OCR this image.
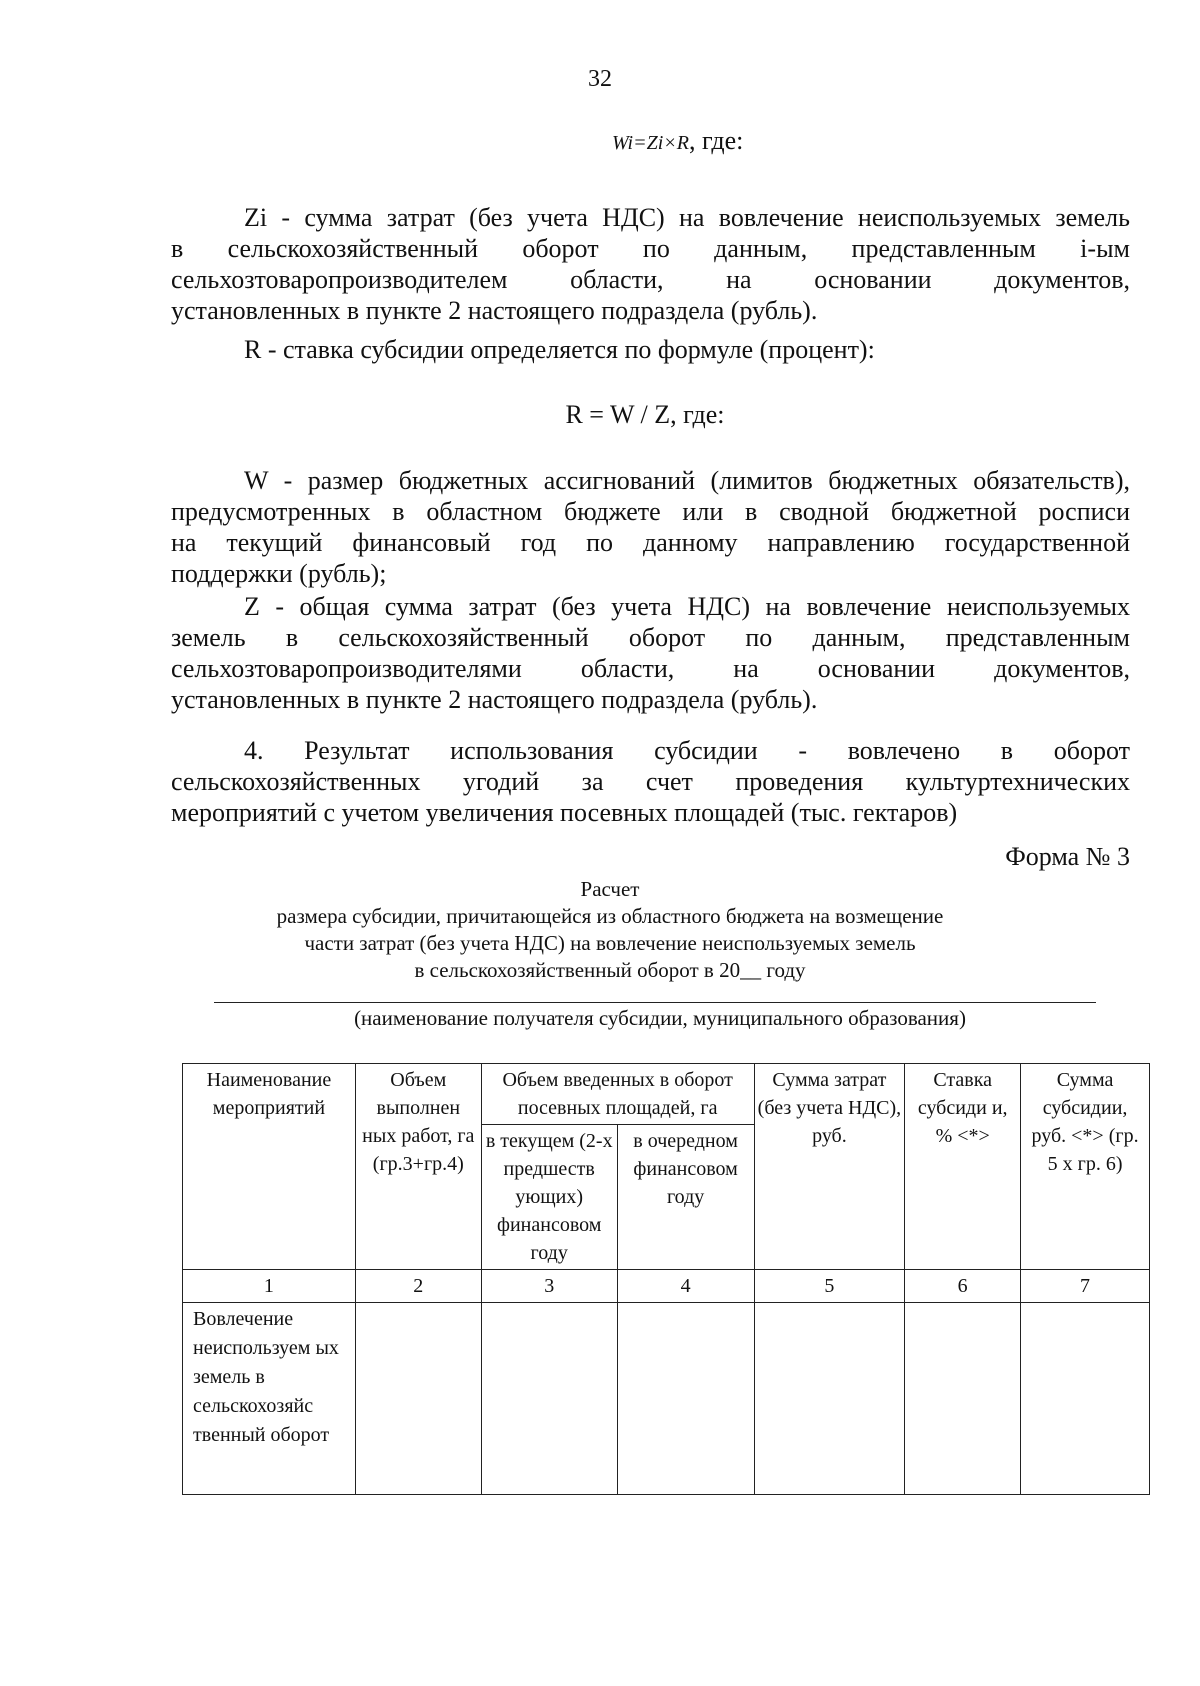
32
Wi=Zi×R, где:
Zi - сумма затрат (без учета НДС) на вовлечение неиспользуемых земель
в сельскохозяйственный оборот по данным, представленным i-ым
сельхозтоваропроизводителем области, на основании документов,
установленных в пункте 2 настоящего подраздела (рубль).
R - ставка субсидии определяется по формуле (процент):
R = W / Z, где:
W - размер бюджетных ассигнований (лимитов бюджетных обязательств),
предусмотренных в областном бюджете или в сводной бюджетной росписи
на текущий финансовый год по данному направлению государственной
поддержки (рубль);
Z - общая сумма затрат (без учета НДС) на вовлечение неиспользуемых
земель в сельскохозяйственный оборот по данным, представленным
сельхозтоваропроизводителями области, на основании документов,
установленных в пункте 2 настоящего подраздела (рубль).
4. Результат использования субсидии - вовлечено в оборот
сельскохозяйственных угодий за счет проведения культуртехнических
мероприятий с учетом увеличения посевных площадей (тыс. гектаров)
Форма № 3
Расчет
размера субсидии, причитающейся из областного бюджета на возмещение
части затрат (без учета НДС) на вовлечение неиспользуемых земель
в сельскохозяйственный оборот в 20__ году
(наименование получателя субсидии, муниципального образования)
Наименование мероприятий	Объем выполнен ных работ, га (гр.3+гр.4)	Объем введенных в оборот посевных площадей, га		Сумма затрат (без учета НДС), руб.	Ставка субсиди и, % <*>	Сумма субсидии, руб. <*> (гр. 5 x гр. 6)
		в текущем (2-х предшеств ующих) финансовом году	в очередном финансовом году			
1	2	3	4	5	6	7
Вовлечение неиспользуем ых земель в сельскохозяйс твенный оборот						
